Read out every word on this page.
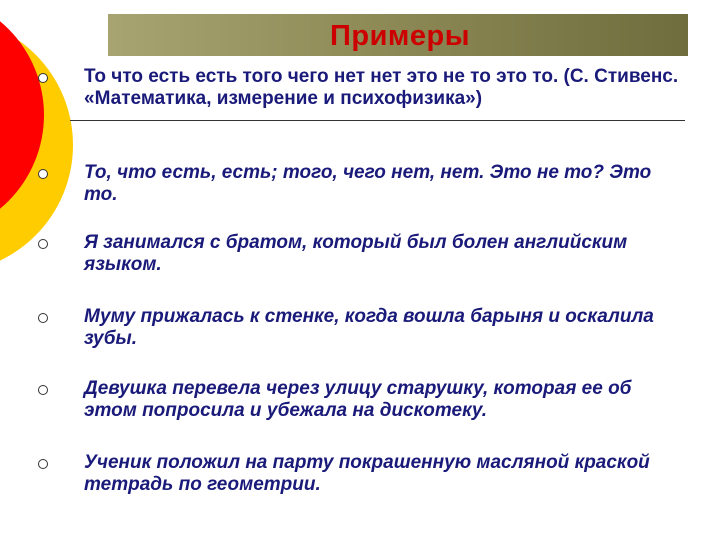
Примеры

То что есть есть того чего нет нет это не то это то. (С. Стивенс. «Математика, измерение и психофизика»)

То, что есть, есть; того, чего нет, нет. Это не то? Это то.

Я занимался с братом, который был болен английским языком.

Муму прижалась к стенке, когда вошла барыня и оскалила зубы.

Девушка перевела через улицу старушку, которая ее об этом попросила и убежала на дискотеку.

Ученик положил на парту покрашенную масляной краской тетрадь по геометрии.
